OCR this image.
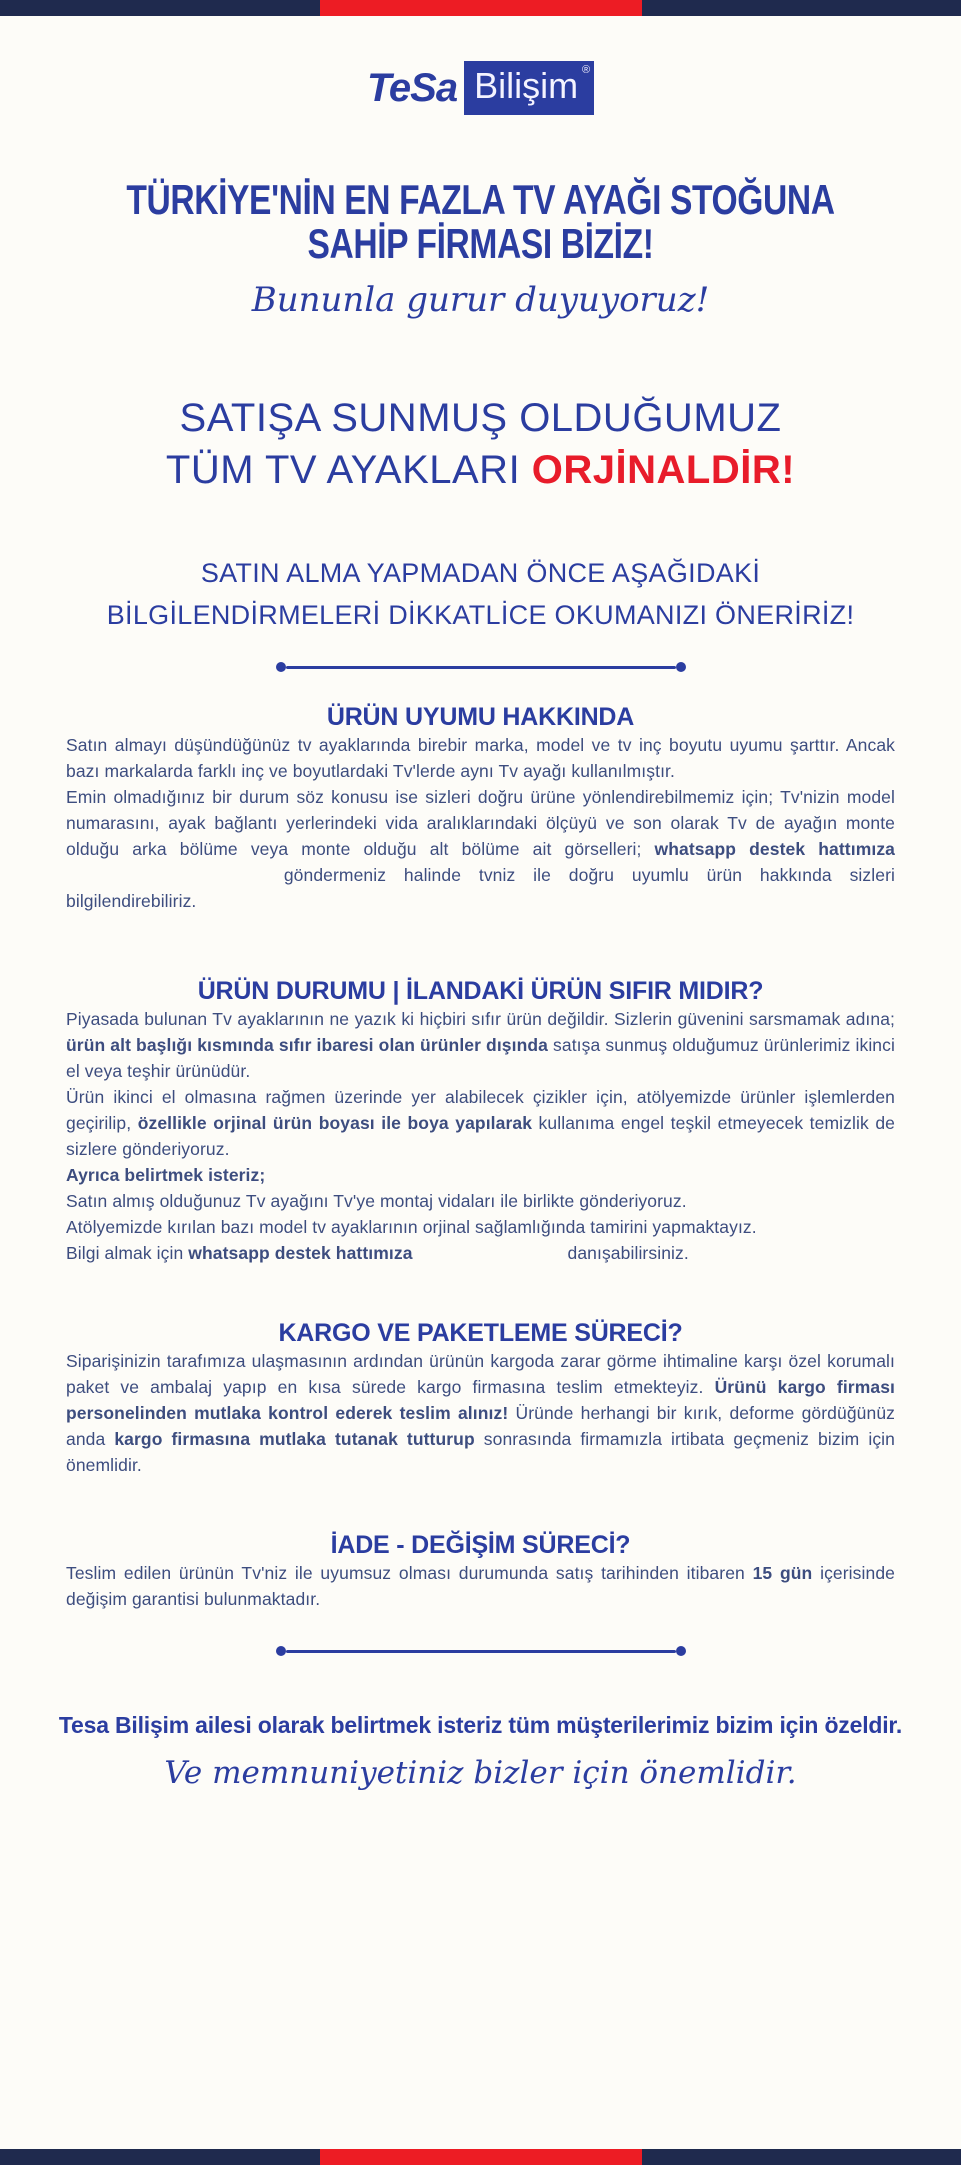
TeSa Bilişim ®
TÜRKİYE'NİN EN FAZLA TV AYAĞI STOĞUNA
SAHİP FİRMASI BİZİZ!
Bununla gurur duyuyoruz!
SATIŞA SUNMUŞ OLDUĞUMUZ
TÜM TV AYAKLARI ORJİNALDİR!
SATIN ALMA YAPMADAN ÖNCE AŞAĞIDAKİ
BİLGİLENDİRMELERİ DİKKATLİCE OKUMANIZI ÖNERİRİZ!
ÜRÜN UYUMU HAKKINDA

Satın almayı düşündüğünüz tv ayaklarında birebir marka, model ve tv inç boyutu uyumu şarttır. Ancak bazı markalarda farklı inç ve boyutlardaki Tv'lerde aynı Tv ayağı kullanılmıştır.

Emin olmadığınız bir durum söz konusu ise sizleri doğru ürüne yönlendirebilmemiz için; Tv'nizin model numarasını, ayak bağlantı yerlerindeki vida aralıklarındaki ölçüyü ve son olarak Tv de ayağın monte olduğu arka bölüme veya monte olduğu alt bölüme ait görselleri; whatsapp destek hattımıza göndermeniz halinde tvniz ile doğru uyumlu ürün hakkında sizleri bilgilendirebiliriz.

ÜRÜN DURUMU | İLANDAKİ ÜRÜN SIFIR MIDIR?

Piyasada bulunan Tv ayaklarının ne yazık ki hiçbiri sıfır ürün değildir. Sizlerin güvenini sarsmamak adına; ürün alt başlığı kısmında sıfır ibaresi olan ürünler dışında satışa sunmuş olduğumuz ürünlerimiz ikinci el veya teşhir ürünüdür.

Ürün ikinci el olmasına rağmen üzerinde yer alabilecek çizikler için, atölyemizde ürünler işlemlerden geçirilip, özellikle orjinal ürün boyası ile boya yapılarak kullanıma engel teşkil etmeyecek temizlik de sizlere gönderiyoruz.

Ayrıca belirtmek isteriz;

Satın almış olduğunuz Tv ayağını Tv'ye montaj vidaları ile birlikte gönderiyoruz.

Atölyemizde kırılan bazı model tv ayaklarının orjinal sağlamlığında tamirini yapmaktayız.
Bilgi almak için whatsapp destek hattımıza	danışabilirsiniz.

KARGO VE PAKETLEME SÜRECİ?

Siparişinizin tarafımıza ulaşmasının ardından ürünün kargoda zarar görme ihtimaline karşı özel korumalı paket ve ambalaj yapıp en kısa sürede kargo firmasına teslim etmekteyiz. Ürünü kargo firması personelinden mutlaka kontrol ederek teslim alınız! Üründe herhangi bir kırık, deforme gördüğünüz anda kargo firmasına mutlaka tutanak tutturup sonrasında firmamızla irtibata geçmeniz bizim için önemlidir.

İADE - DEĞİŞİM SÜRECİ?

Teslim edilen ürünün Tv'niz ile uyumsuz olması durumunda satış tarihinden itibaren 15 gün içerisinde değişim garantisi bulunmaktadır.

Tesa Bilişim ailesi olarak belirtmek isteriz tüm müşterilerimiz bizim için özeldir.
Ve memnuniyetiniz bizler için önemlidir.
